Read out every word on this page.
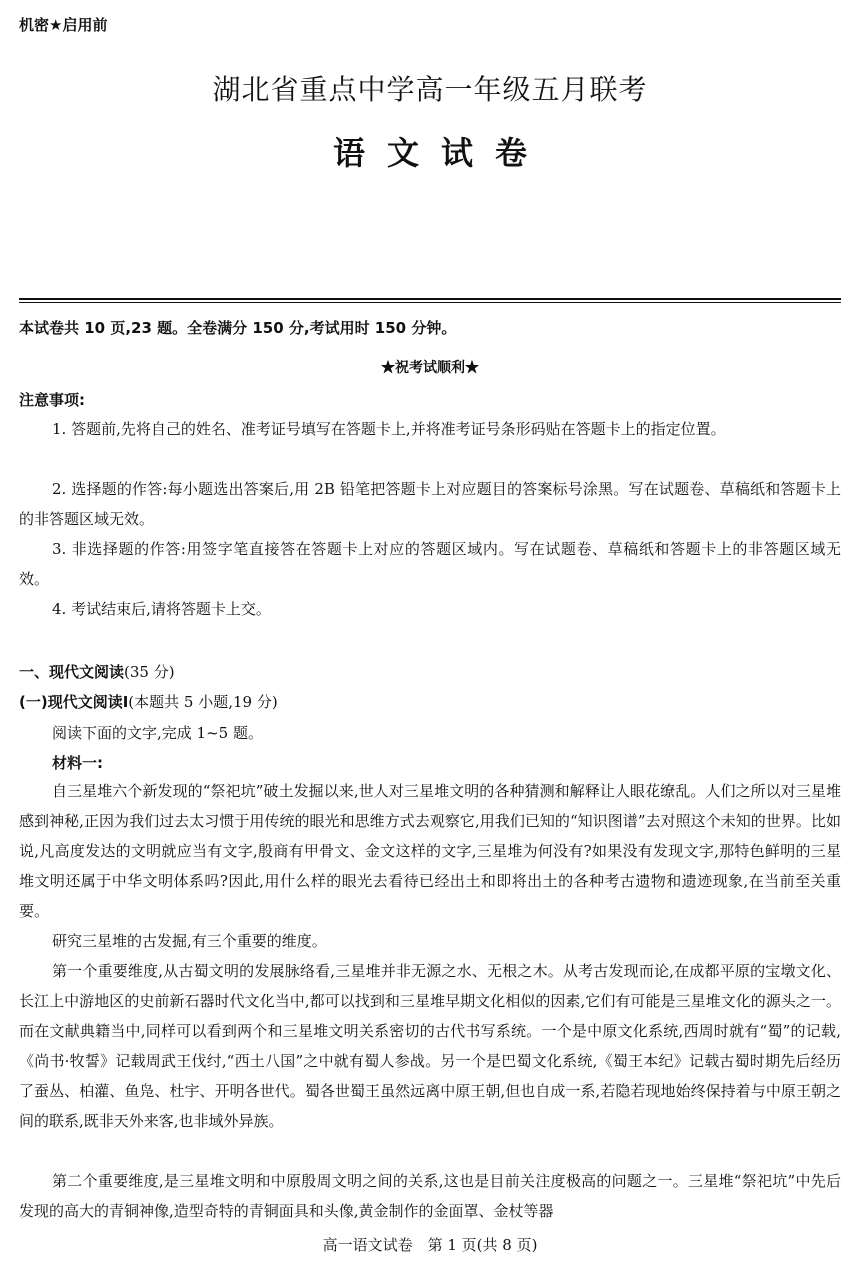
机密★启用前
湖北省重点中学高一年级五月联考
语文试卷
本试卷共 10 页,23 题。全卷满分 150 分,考试用时 150 分钟。
★祝考试顺利★
注意事项:
1. 答题前,先将自己的姓名、准考证号填写在答题卡上,并将准考证号条形码贴在答题卡上的指定位置。
2. 选择题的作答:每小题选出答案后,用 2B 铅笔把答题卡上对应题目的答案标号涂黑。写在试题卷、草稿纸和答题卡上的非答题区域无效。
3. 非选择题的作答:用签字笔直接答在答题卡上对应的答题区域内。写在试题卷、草稿纸和答题卡上的非答题区域无效。
4. 考试结束后,请将答题卡上交。
一、现代文阅读(35 分)
(一)现代文阅读Ⅰ(本题共 5 小题,19 分)
阅读下面的文字,完成 1~5 题。
材料一:
自三星堆六个新发现的“祭祀坑”破土发掘以来,世人对三星堆文明的各种猜测和解释让人眼花缭乱。人们之所以对三星堆感到神秘,正因为我们过去太习惯于用传统的眼光和思维方式去观察它,用我们已知的“知识图谱”去对照这个未知的世界。比如说,凡高度发达的文明就应当有文字,殷商有甲骨文、金文这样的文字,三星堆为何没有?如果没有发现文字,那特色鲜明的三星堆文明还属于中华文明体系吗?因此,用什么样的眼光去看待已经出土和即将出土的各种考古遗物和遗迹现象,在当前至关重要。
研究三星堆的古发掘,有三个重要的维度。
第一个重要维度,从古蜀文明的发展脉络看,三星堆并非无源之水、无根之木。从考古发现而论,在成都平原的宝墩文化、长江上中游地区的史前新石器时代文化当中,都可以找到和三星堆早期文化相似的因素,它们有可能是三星堆文化的源头之一。而在文献典籍当中,同样可以看到两个和三星堆文明关系密切的古代书写系统。一个是中原文化系统,西周时就有“蜀”的记载,《尚书·牧誓》记载周武王伐纣,“西土八国”之中就有蜀人参战。另一个是巴蜀文化系统,《蜀王本纪》记载古蜀时期先后经历了蚕丛、柏灌、鱼凫、杜宇、开明各世代。蜀各世蜀王虽然远离中原王朝,但也自成一系,若隐若现地始终保持着与中原王朝之间的联系,既非天外来客,也非域外异族。
第二个重要维度,是三星堆文明和中原殷周文明之间的关系,这也是目前关注度极高的问题之一。三星堆“祭祀坑”中先后发现的高大的青铜神像,造型奇特的青铜面具和头像,黄金制作的金面罩、金杖等器
高一语文试卷　第 1 页(共 8 页)
